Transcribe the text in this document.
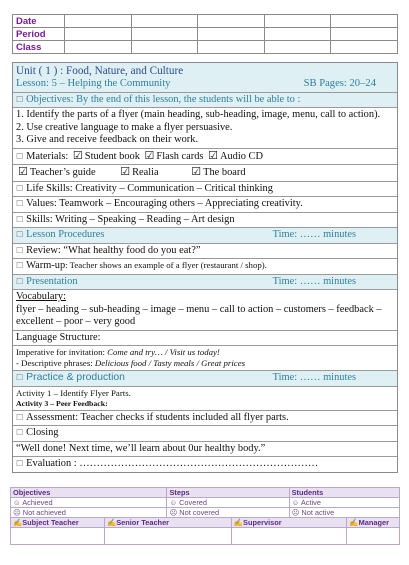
Date					
Period					
Class					
Unit ( 1 ) : Food, Nature, and Culture
Lesson: 5 – Helping the Community	SB Pages: 20–24
☐ Objectives: By the end of this lesson, the students will be able to :
1. Identify the parts of a flyer (main heading, sub-heading, image, menu, call to action).
2. Use creative language to make a flyer persuasive.
3. Give and receive feedback on their work.
☐ Materials: ☑ Student book ☑ Flash cards ☑ Audio CD
☑ Teacher’s guide ☑ Realia	☑ The board
☐ Life Skills: Creativity – Communication – Critical thinking
☐ Values: Teamwork – Encouraging others – Appreciating creativity.
☐ Skills: Writing – Speaking – Reading – Art design
☐ Lesson Procedures	Time: …… minutes
☐ Review: “What healthy food do you eat?”
☐ Warm-up: Teacher shows an example of a flyer (restaurant / shop).
☐ Presentation	Time: …… minutes
Vocabulary:
flyer – heading – sub-heading – image – menu – call to action – customers – feedback – excellent – poor – very good
Language Structure:
Imperative for invitation: Come and try… / Visit us today!
- Descriptive phrases: Delicious food / Tasty meals / Great prices
☐ Practice & production	Time: …… minutes
Activity 1 – Identify Flyer Parts.
Activity 3 – Peer Feedback:
☐ Assessment: Teacher checks if students included all flyer parts.
☐ Closing
“Well done! Next time, we’ll learn about 0ur healthy body.”
☐ Evaluation : ……………………………………………………………
Objectives		Steps		Students	
☺ Achieved		☺ Covered		☺ Active	
☹ Not achieved		☹ Not covered		☹ Not active	
✍Subject Teacher	✍Senior Teacher		✍Supervisor		✍Manager
